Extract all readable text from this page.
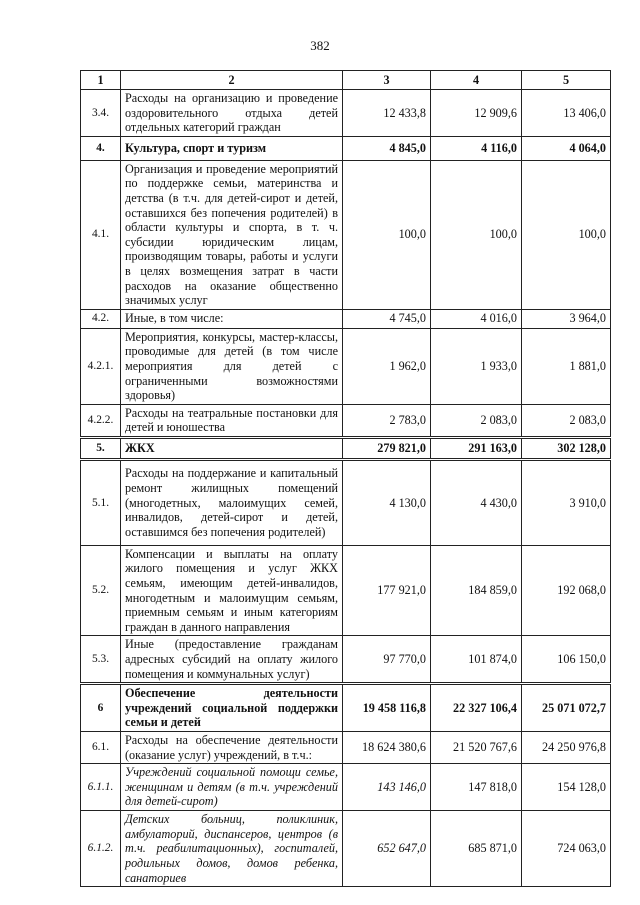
382
1	2	3	4	5
3.4.	Расходы на организацию и проведение оздоровительного отдыха детей отдельных категорий граждан	12 433,8	12 909,6	13 406,0
4.	Культура, спорт и туризм	4 845,0	4 116,0	4 064,0
4.1.	Организация и проведение мероприятий по поддержке семьи, материнства и детства (в т.ч. для детей-сирот и детей, оставшихся без попечения родителей) в области культуры и спорта, в т. ч. субсидии юридическим лицам, производящим товары, работы и услуги в целях возмещения затрат в части расходов на оказание общественно значимых услуг	100,0	100,0	100,0
4.2.	Иные, в том числе:	4 745,0	4 016,0	3 964,0
4.2.1.	Мероприятия, конкурсы, мастер-классы, проводимые для детей (в том числе мероприятия для детей с ограниченными возможностями здоровья)	1 962,0	1 933,0	1 881,0
4.2.2.	Расходы на театральные постановки для детей и юношества	2 783,0	2 083,0	2 083,0
5.	ЖКХ	279 821,0	291 163,0	302 128,0
5.1.	Расходы на поддержание и капитальный ремонт жилищных помещений (многодетных, малоимущих семей, инвалидов, детей-сирот и детей, оставшимся без попечения родителей)	4 130,0	4 430,0	3 910,0
5.2.	Компенсации и выплаты на оплату жилого помещения и услуг ЖКХ семьям, имеющим детей-инвалидов, многодетным и малоимущим семьям, приемным семьям и иным категориям граждан в данного направления	177 921,0	184 859,0	192 068,0
5.3.	Иные (предоставление гражданам адресных субсидий на оплату жилого помещения и коммунальных услуг)	97 770,0	101 874,0	106 150,0
6	Обеспечение деятельности учреждений социальной поддержки семьи и детей	19 458 116,8	22 327 106,4	25 071 072,7
6.1.	Расходы на обеспечение деятельности (оказание услуг) учреждений, в т.ч.:	18 624 380,6	21 520 767,6	24 250 976,8
6.1.1.	Учреждений социальной помощи семье, женщинам и детям (в т.ч. учреждений для детей-сирот)	143 146,0	147 818,0	154 128,0
6.1.2.	Детских больниц, поликлиник, амбулаторий, диспансеров, центров (в т.ч. реабилитационных), госпиталей, родильных домов, домов ребенка, санаториев	652 647,0	685 871,0	724 063,0
